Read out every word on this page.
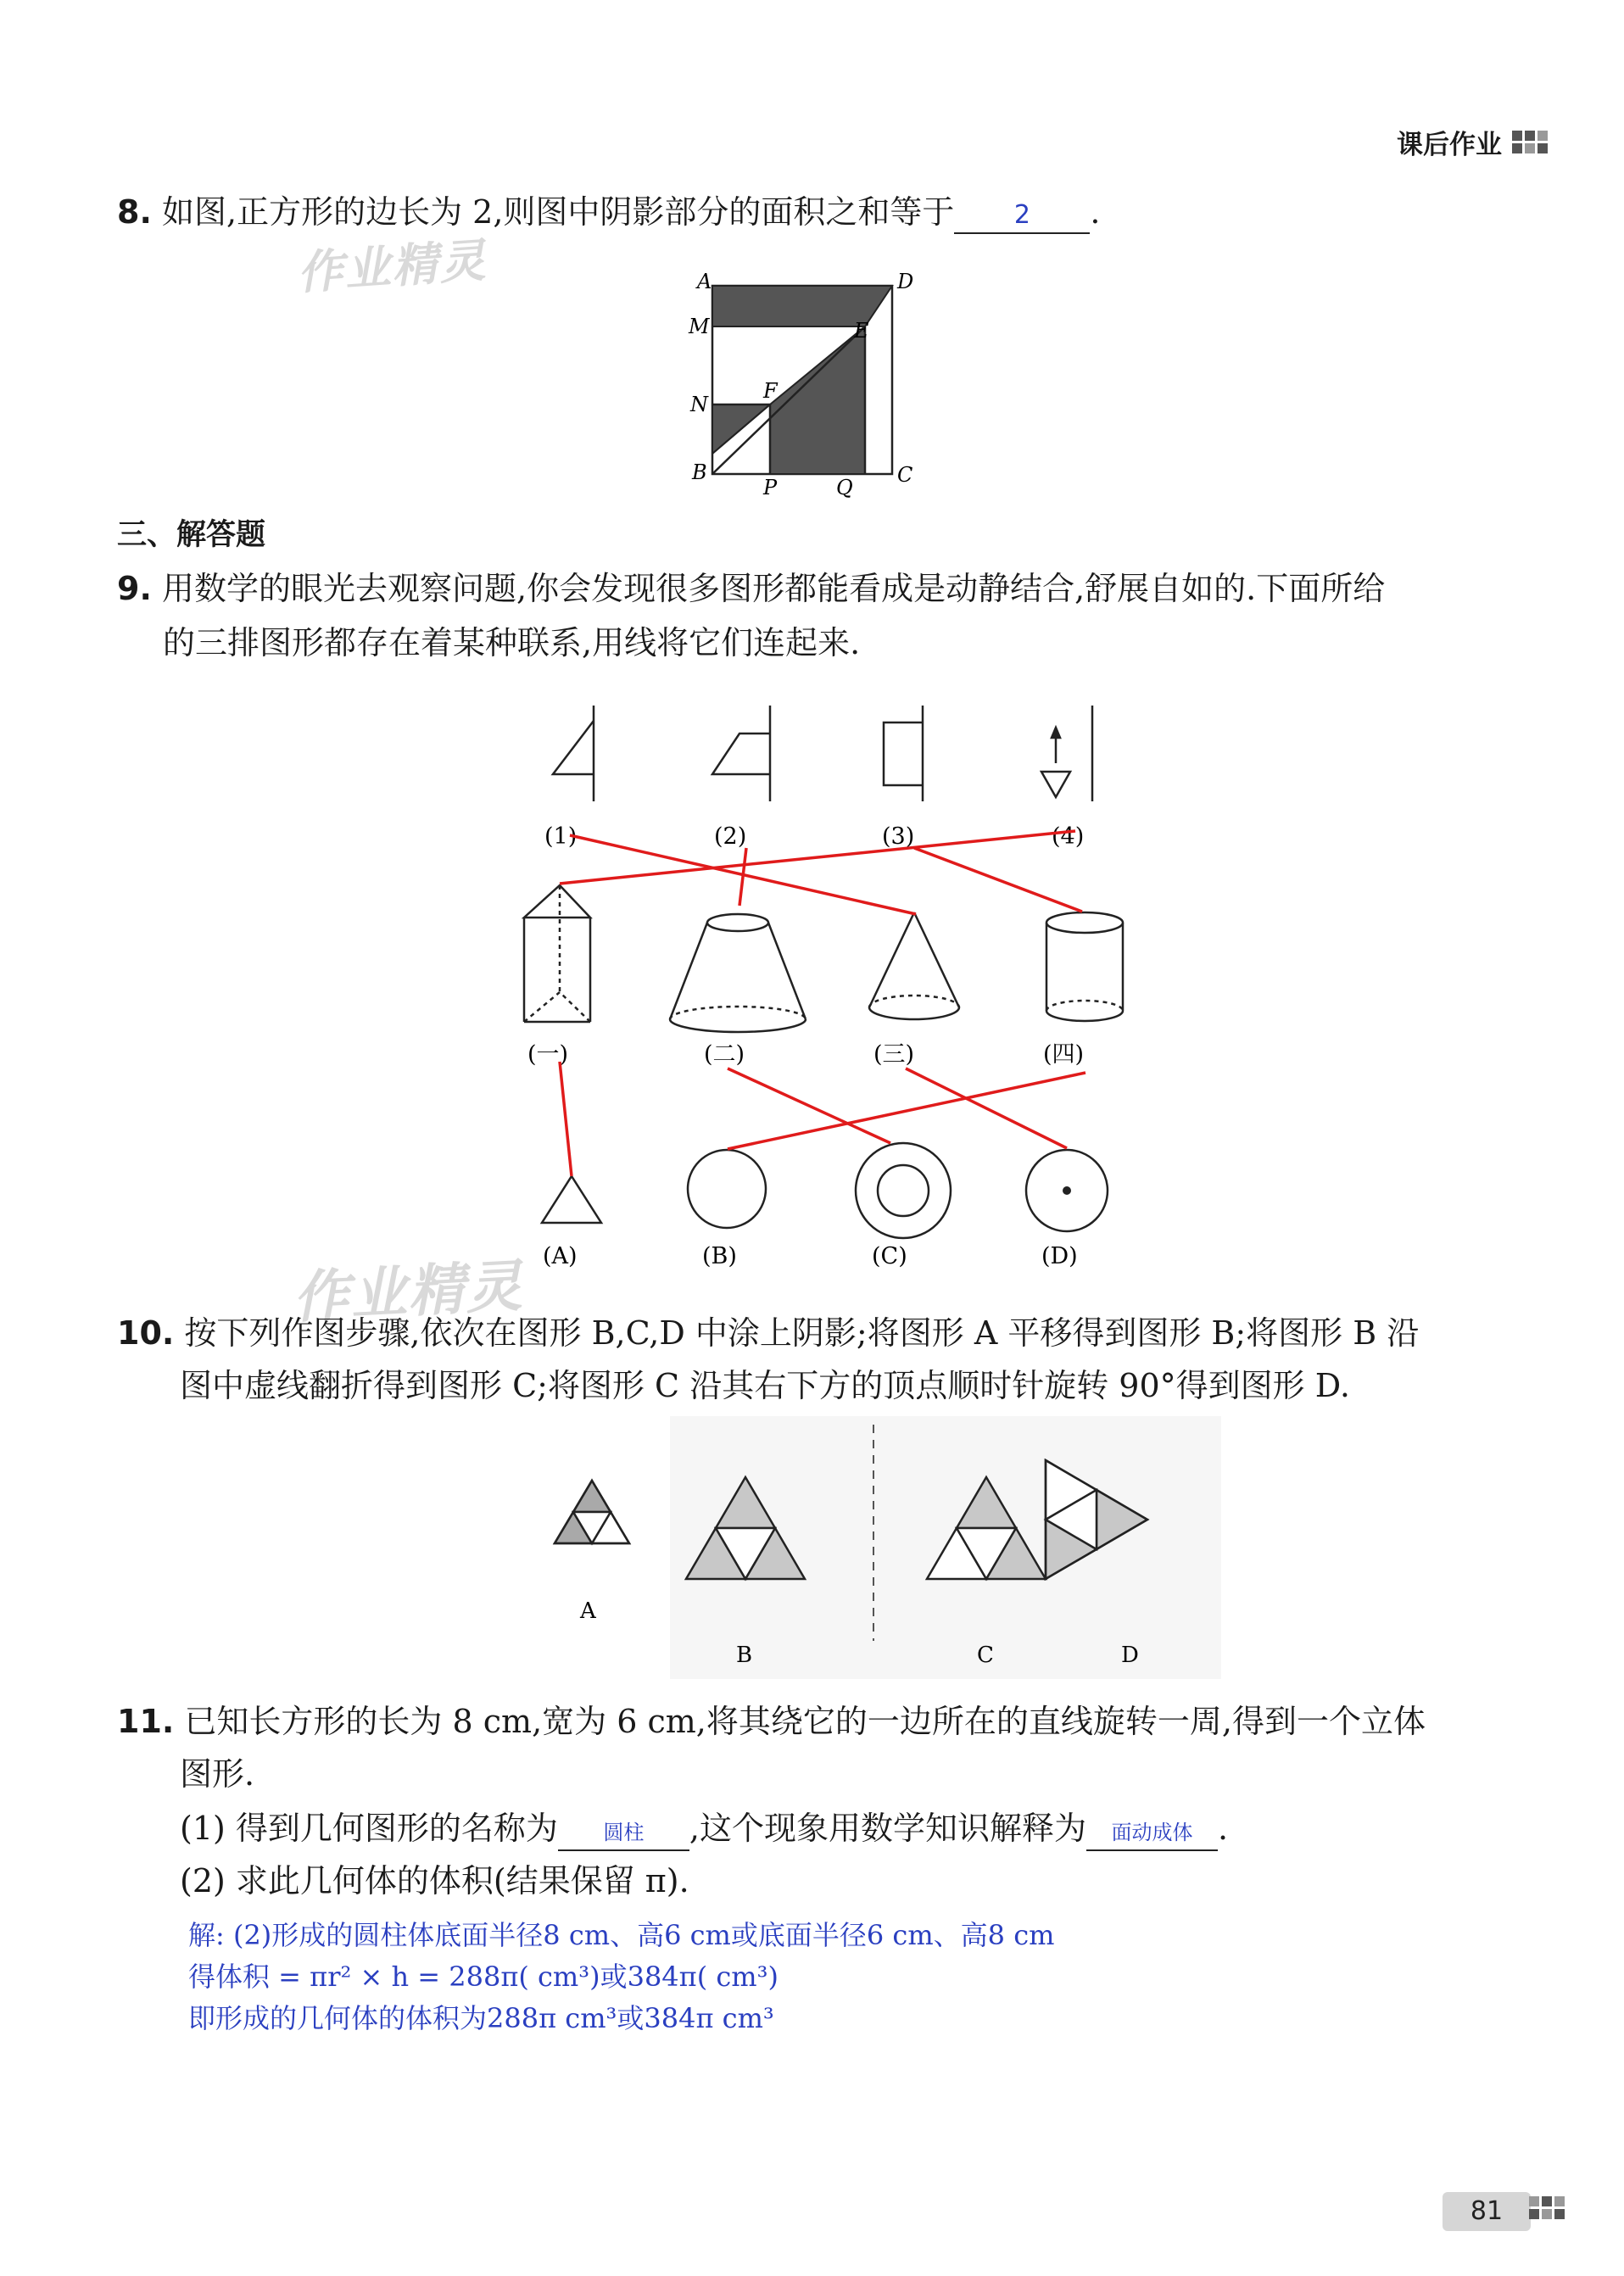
课后作业
作业精灵
作业精灵
8. 如图,正方形的边长为 2,则图中阴影部分的面积之和等于 2 .
A	D
M	E
N
F
B
P	Q
C
三、解答题
9. 用数学的眼光去观察问题,你会发现很多图形都能看成是动静结合,舒展自如的.下面所给
的三排图形都存在着某种联系,用线将它们连起来.
(1)	(2)	(3)	(4)
(一)	(二)	(三)	(四)
(A)	(B)	(C)	(D)
10. 按下列作图步骤,依次在图形 B,C,D 中涂上阴影;将图形 A 平移得到图形 B;将图形 B 沿
图中虚线翻折得到图形 C;将图形 C 沿其右下方的顶点顺时针旋转 90°得到图形 D.
A
B	C	D
11. 已知长方形的长为 8 cm,宽为 6 cm,将其绕它的一边所在的直线旋转一周,得到一个立体
图形.
(1) 得到几何图形的名称为 圆柱 ,这个现象用数学知识解释为 面动成体 .
(2) 求此几何体的体积(结果保留 π).
解: (2)形成的圆柱体底面半径8 cm、高6 cm或底面半径6 cm、高8 cm
得体积 = πr² × h = 288π( cm³)或384π( cm³)
即形成的几何体的体积为288π cm³或384π cm³
81
